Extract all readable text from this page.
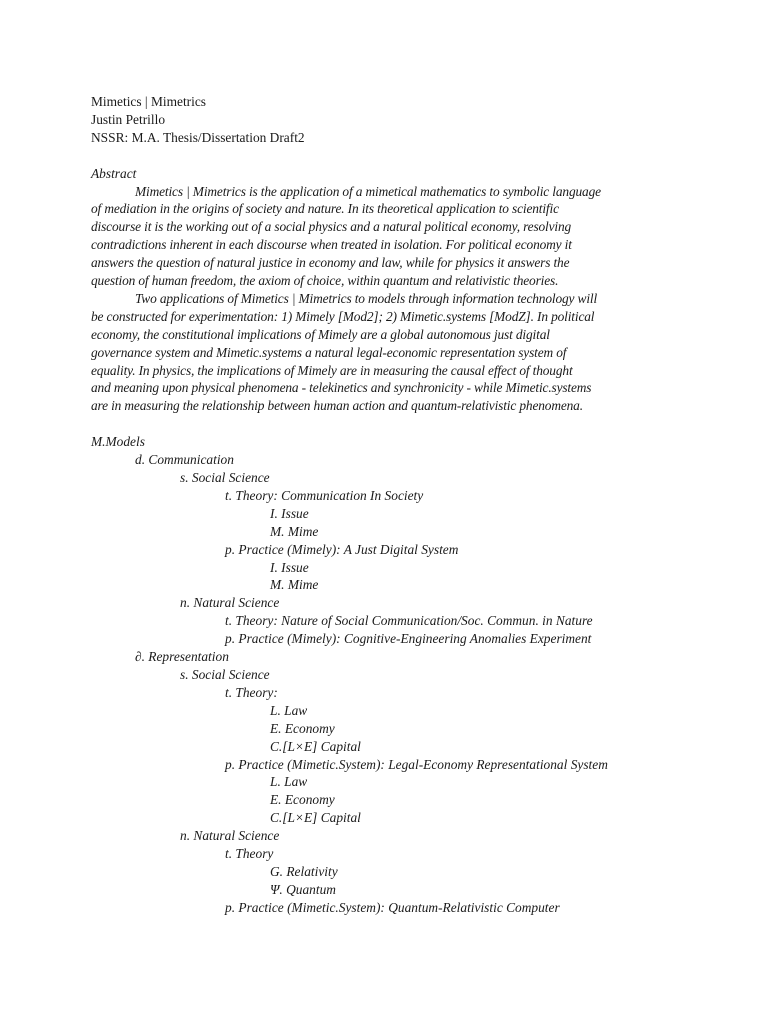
Mimetics | Mimetrics
Justin Petrillo
NSSR: M.A. Thesis/Dissertation Draft2
Abstract
Mimetics | Mimetrics is the application of a mimetical mathematics to symbolic language
of mediation in the origins of society and nature. In its theoretical application to scientific
discourse it is the working out of a social physics and a natural political economy, resolving
contradictions inherent in each discourse when treated in isolation. For political economy it
answers the question of natural justice in economy and law, while for physics it answers the
question of human freedom, the axiom of choice, within quantum and relativistic theories.
Two applications of Mimetics | Mimetrics to models through information technology will
be constructed for experimentation: 1) Mimely [Mod2]; 2) Mimetic.systems [ModZ]. In political
economy, the constitutional implications of Mimely are a global autonomous just digital
governance system and Mimetic.systems a natural legal-economic representation system of
equality. In physics, the implications of Mimely are in measuring the causal effect of thought
and meaning upon physical phenomena - telekinetics and synchronicity - while Mimetic.systems
are in measuring the relationship between human action and quantum-relativistic phenomena.
M.Models
d. Communication
s. Social Science
t. Theory: Communication In Society
I. Issue
M. Mime
p. Practice (Mimely): A Just Digital System
I. Issue
M. Mime
n. Natural Science
t. Theory: Nature of Social Communication/Soc. Commun. in Nature
p. Practice (Mimely): Cognitive-Engineering Anomalies Experiment
∂. Representation
s. Social Science
t. Theory:
L. Law
E. Economy
C.[L×E] Capital
p. Practice (Mimetic.System): Legal-Economy Representational System
L. Law
E. Economy
C.[L×E] Capital
n. Natural Science
t. Theory
G. Relativity
Ψ. Quantum
p. Practice (Mimetic.System): Quantum-Relativistic Computer
